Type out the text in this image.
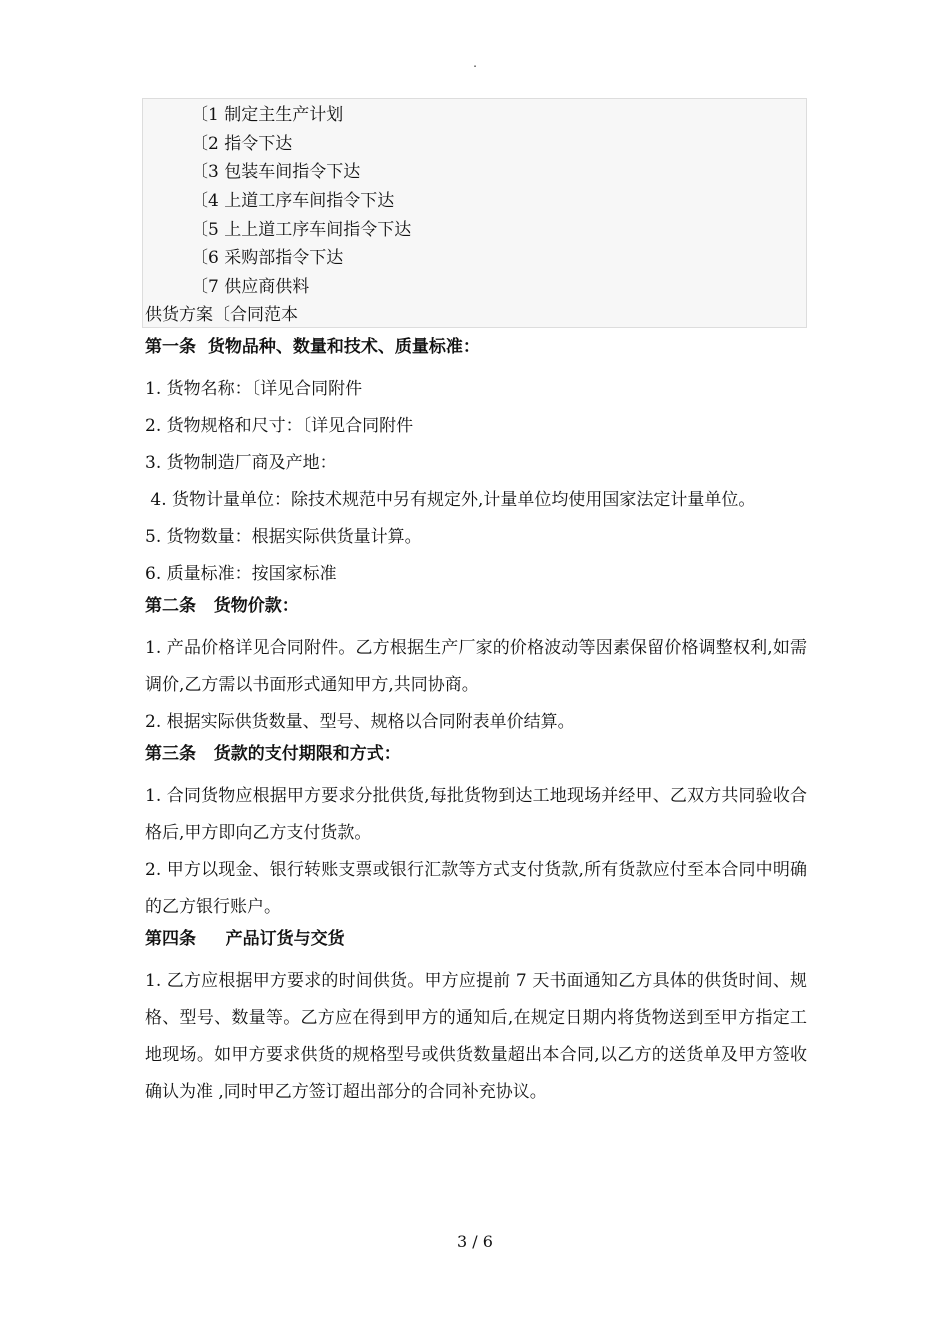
.
〔1 制定主生产计划
〔2 指令下达
〔3 包装车间指令下达
〔4 上道工序车间指令下达
〔5 上上道工序车间指令下达
〔6 采购部指令下达
〔7 供应商供料
供货方案〔合同范本
第一条  货物品种、数量和技术、质量标准：
1. 货物名称：〔详见合同附件
2. 货物规格和尺寸：〔详见合同附件
3. 货物制造厂商及产地：
4. 货物计量单位：除技术规范中另有规定外,计量单位均使用国家法定计量单位。
5. 货物数量：根据实际供货量计算。
6. 质量标准：按国家标准
第二条   货物价款：
1. 产品价格详见合同附件。乙方根据生产厂家的价格波动等因素保留价格调整权利,如需调价,乙方需以书面形式通知甲方,共同协商。
2. 根据实际供货数量、型号、规格以合同附表单价结算。
第三条   货款的支付期限和方式：
1. 合同货物应根据甲方要求分批供货,每批货物到达工地现场并经甲、乙双方共同验收合格后,甲方即向乙方支付货款。
2. 甲方以现金、银行转账支票或银行汇款等方式支付货款,所有货款应付至本合同中明确的乙方银行账户。
第四条     产品订货与交货
1. 乙方应根据甲方要求的时间供货。甲方应提前 7 天书面通知乙方具体的供货时间、规格、型号、数量等。乙方应在得到甲方的通知后,在规定日期内将货物送到至甲方指定工地现场。如甲方要求供货的规格型号或供货数量超出本合同,以乙方的送货单及甲方签收确认为准 ,同时甲乙方签订超出部分的合同补充协议。
3 / 6
